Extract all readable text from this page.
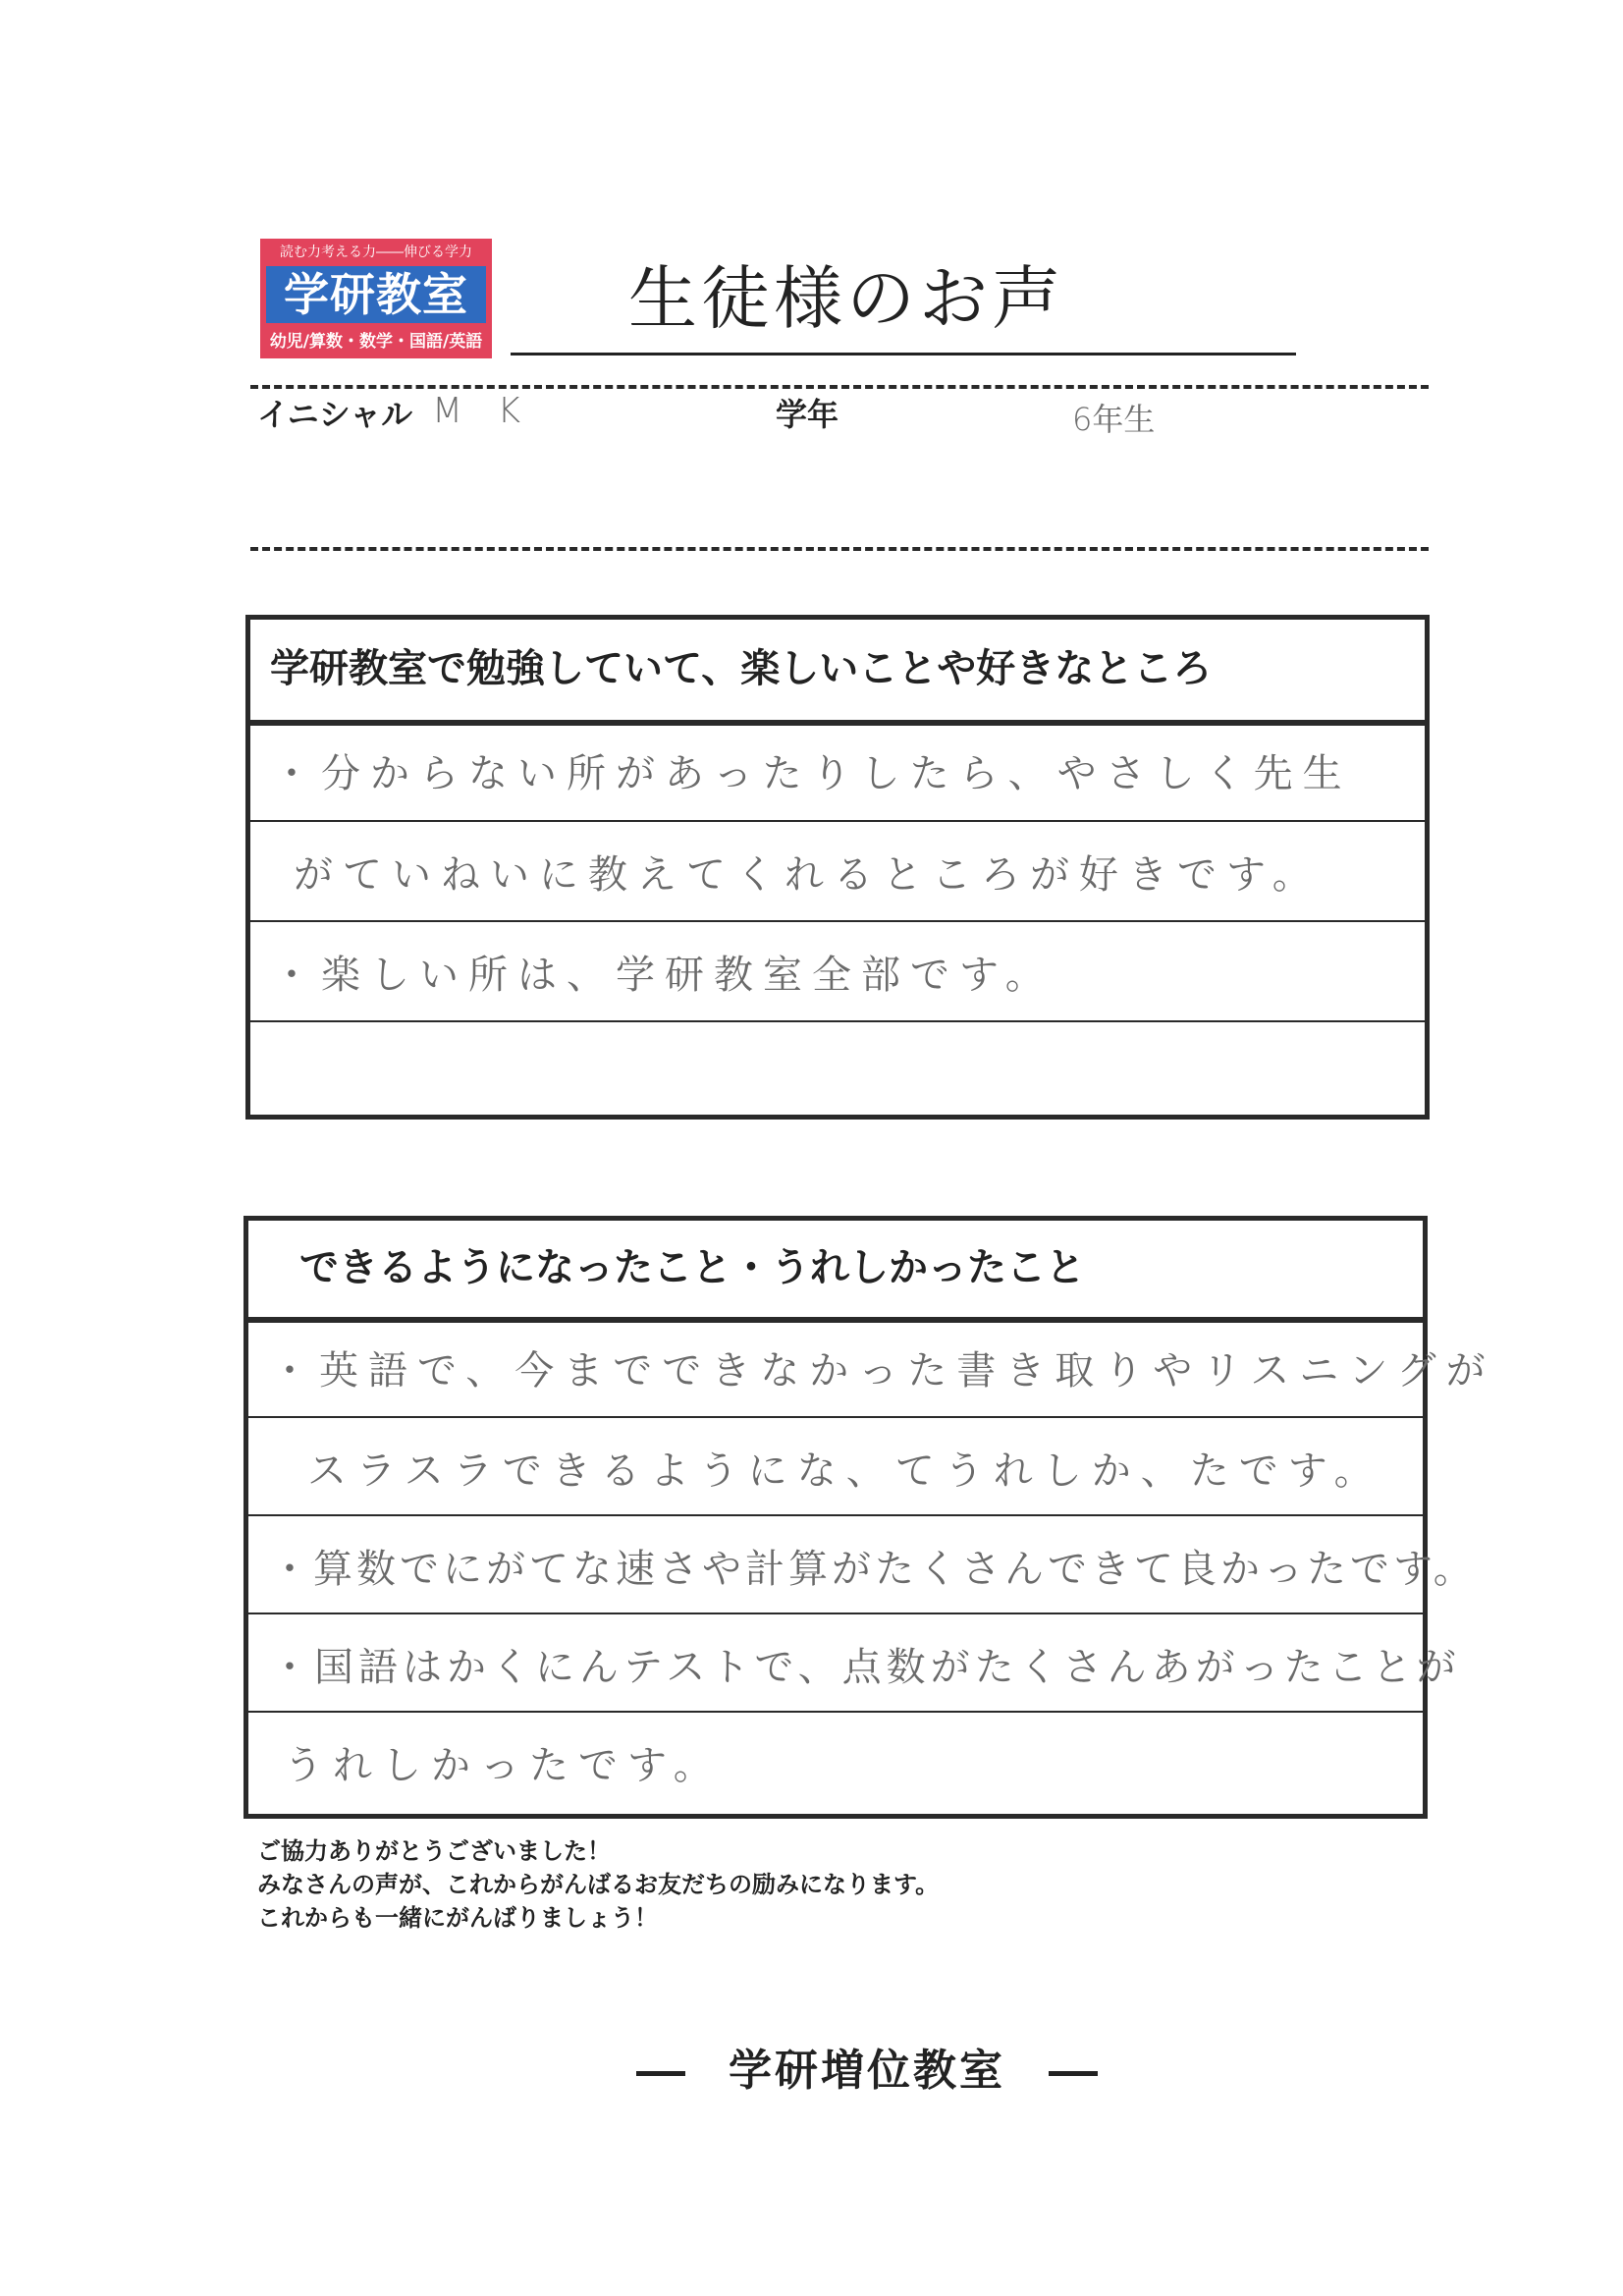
読む力考える力――伸びる学力
学研教室
幼児/算数・数学・国語/英語
生徒様のお声
イニシャル M K	学年	6年生
学研教室で勉強していて、楽しいことや好きなところ
・分からない所があったりしたら、やさしく先生
がていねいに教えてくれるところが好きです。
・楽しい所は、学研教室全部です。
できるようになったこと・うれしかったこと
・英語で、今までできなかった書き取りやリスニングが
スラスラできるようにな、てうれしか、たです。
・算数でにがてな速さや計算がたくさんできて良かったです。
・国語はかくにんテストで、点数がたくさんあがったことが
うれしかったです。
ご協力ありがとうございました！
みなさんの声が、これからがんばるお友だちの励みになります。
これからも一緒にがんばりましょう！
学研増位教室
